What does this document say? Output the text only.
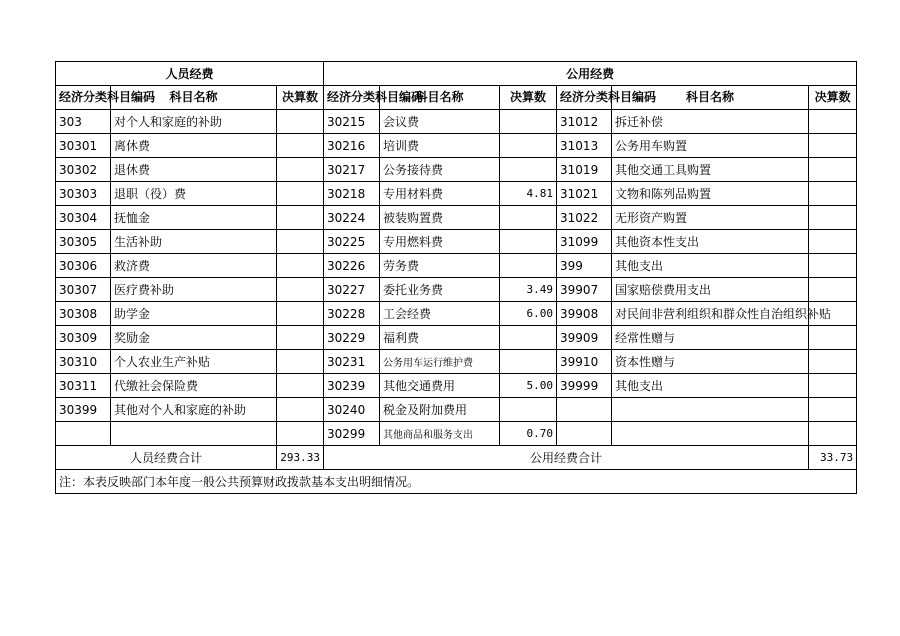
人员经费			公用经费					
经济分类科目编码	科目名称	决算数	经济分类科目编码	科目名称	决算数	经济分类科目编码	科目名称	决算数
303	对个人和家庭的补助		30215	会议费		31012	拆迁补偿	
30301	离休费		30216	培训费		31013	公务用车购置	
30302	退休费		30217	公务接待费		31019	其他交通工具购置	
30303	退职（役）费		30218	专用材料费	4.81	31021	文物和陈列品购置	
30304	抚恤金		30224	被装购置费		31022	无形资产购置	
30305	生活补助		30225	专用燃料费		31099	其他资本性支出	
30306	救济费		30226	劳务费		399	其他支出	
30307	医疗费补助		30227	委托业务费	3.49	39907	国家赔偿费用支出	
30308	助学金		30228	工会经费	6.00	39908	对民间非营利组织和群众性自治组织补贴	
30309	奖励金		30229	福利费		39909	经常性赠与	
30310	个人农业生产补贴		30231	公务用车运行维护费		39910	资本性赠与	
30311	代缴社会保险费		30239	其他交通费用	5.00	39999	其他支出	
30399	其他对个人和家庭的补助		30240	税金及附加费用				
			30299	其他商品和服务支出	0.70			
人员经费合计		293.33	公用经费合计					33.73
注：本表反映部门本年度一般公共预算财政拨款基本支出明细情况。								
